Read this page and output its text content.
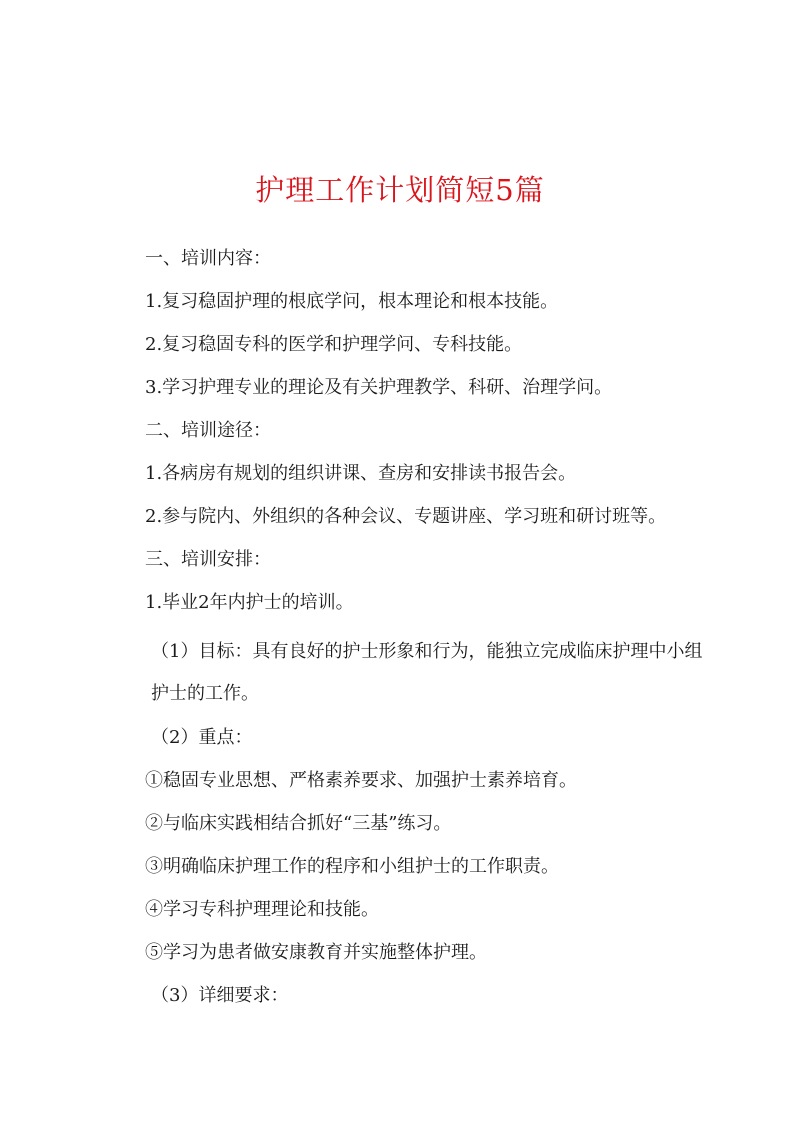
护理工作计划简短5篇

一、培训内容：

1.复习稳固护理的根底学问，根本理论和根本技能。

2.复习稳固专科的医学和护理学问、专科技能。

3.学习护理专业的理论及有关护理教学、科研、治理学问。

二、培训途径：

1.各病房有规划的组织讲课、查房和安排读书报告会。

2.参与院内、外组织的各种会议、专题讲座、学习班和研讨班等。

三、培训安排：

1.毕业2年内护士的培训。

（1）目标：具有良好的护士形象和行为，能独立完成临床护理中小组护士的工作。

（2）重点：

①稳固专业思想、严格素养要求、加强护士素养培育。

②与临床实践相结合抓好“三基”练习。

③明确临床护理工作的程序和小组护士的工作职责。

④学习专科护理理论和技能。

⑤学习为患者做安康教育并实施整体护理。

（3）详细要求：
